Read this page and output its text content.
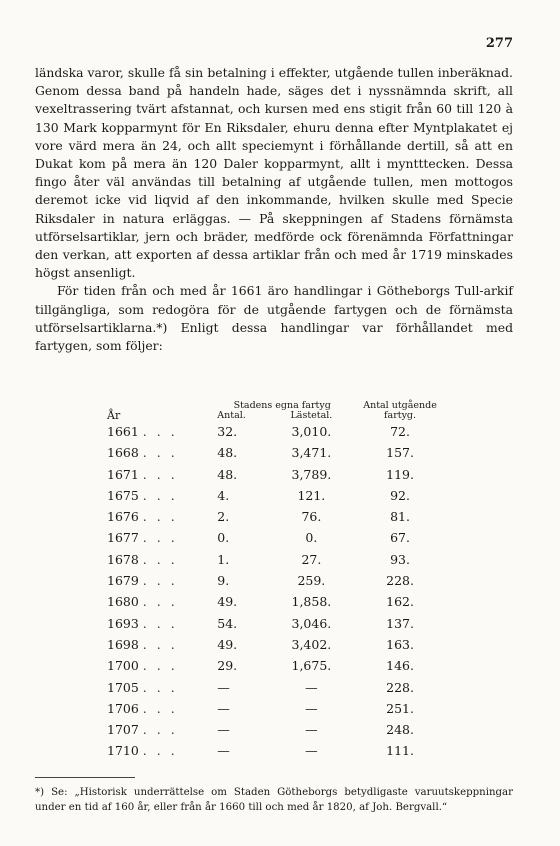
277

ländska varor, skulle få sin betalning i effekter, utgående tullen inberäknad. Genom dessa band på handeln hade, säges det i nyssnämnda skrift, all vexeltrassering tvärt afstannat, och kursen med ens stigit från 60 till 120 à 130 Mark kopparmynt för En Riksdaler, ehuru denna efter Myntplakatet ej vore värd mera än 24, och allt speciemynt i förhållande dertill, så att en Dukat kom på mera än 120 Daler kopparmynt, allt i myntttecken. Dessa fingo åter väl användas till betalning af utgående tullen, men mottogos deremot icke vid liqvid af den inkommande, hvilken skulle med Specie Riksdaler in natura erläggas. — På skeppningen af Stadens förnämsta utförselsartiklar, jern och bräder, medförde ock förenämnda Författningar den verkan, att exporten af dessa artiklar från och med år 1719 minskades högst ansenligt.

För tiden från och med år 1661 äro handlingar i Götheborgs Tull-arkif tillgängliga, som redogöra för de utgående fartygen och de förnämsta utförselsartiklarna.*) Enligt dessa handlingar var förhållandet med fartygen, som följer:

År	Stadens egna fartyg		Antal utgående fartyg.
	Antal.	Lästetal.	
1661 . . .	32.	3,010.	72.
1668 . . .	48.	3,471.	157.
1671 . . .	48.	3,789.	119.
1675 . . .	4.	121.	92.
1676 . . .	2.	76.	81.
1677 . . .	0.	0.	67.
1678 . . .	1.	27.	93.
1679 . . .	9.	259.	228.
1680 . . .	49.	1,858.	162.
1693 . . .	54.	3,046.	137.
1698 . . .	49.	3,402.	163.
1700 . . .	29.	1,675.	146.
1705 . . .	—	—	228.
1706 . . .	—	—	251.
1707 . . .	—	—	248.
1710 . . .	—	—	111.

*) Se: „Historisk underrättelse om Staden Götheborgs betydligaste varuutskeppningar under en tid af 160 år, eller från år 1660 till och med år 1820, af Joh. Bergvall.“
